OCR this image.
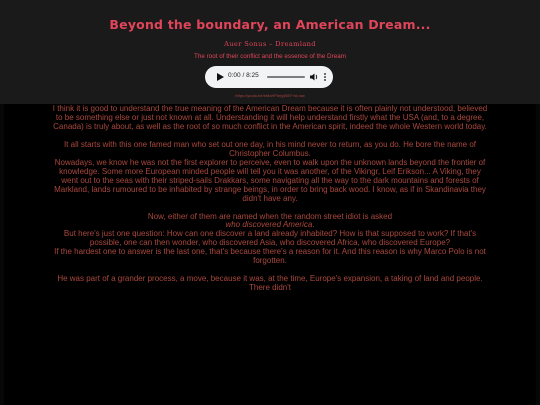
Beyond the boundary, an American Dream...
Auer Sonus – Dreamland
The root of their conflict and the essence of the Dream
0:00 / 8:25
https://youtu.be/eMoHFtmgW8Y?si=aw

I think it is good to understand the true meaning of the American Dream because it is often plainly not understood, believed to be something else or just not known at all. Understanding it will help understand firstly what the USA (and, to a degree, Canada) is truly about, as well as the root of so much conflict in the American spirit, indeed the whole Western world today.

It all starts with this one famed man who set out one day, in his mind never to return, as you do. He bore the name of Christopher Columbus.

Nowadays, we know he was not the first explorer to perceive, even to walk upon the unknown lands beyond the frontier of knowledge. Some more European minded people will tell you it was another, of the Vikingr, Leif Erikson... A Viking, they went out to the seas with their striped-sails Drakkars, some navigating all the way to the dark mountains and forests of Markland, lands rumoured to be inhabited by strange beings, in order to bring back wood. I know, as if in Skandinavia they didn't have any.

Now, either of them are named when the random street idiot is asked
who discovered America.

But here's just one question: How can one discover a land already inhabited? How is that supposed to work? If that's possible, one can then wonder, who discovered Asia, who discovered Africa, who discovered Europe?

If the hardest one to answer is the last one, that's because there's a reason for it. And this reason is why Marco Polo is not forgotten.

He was part of a grander process, a move, because it was, at the time, Europe's expansion, a taking of land and people. There didn't
